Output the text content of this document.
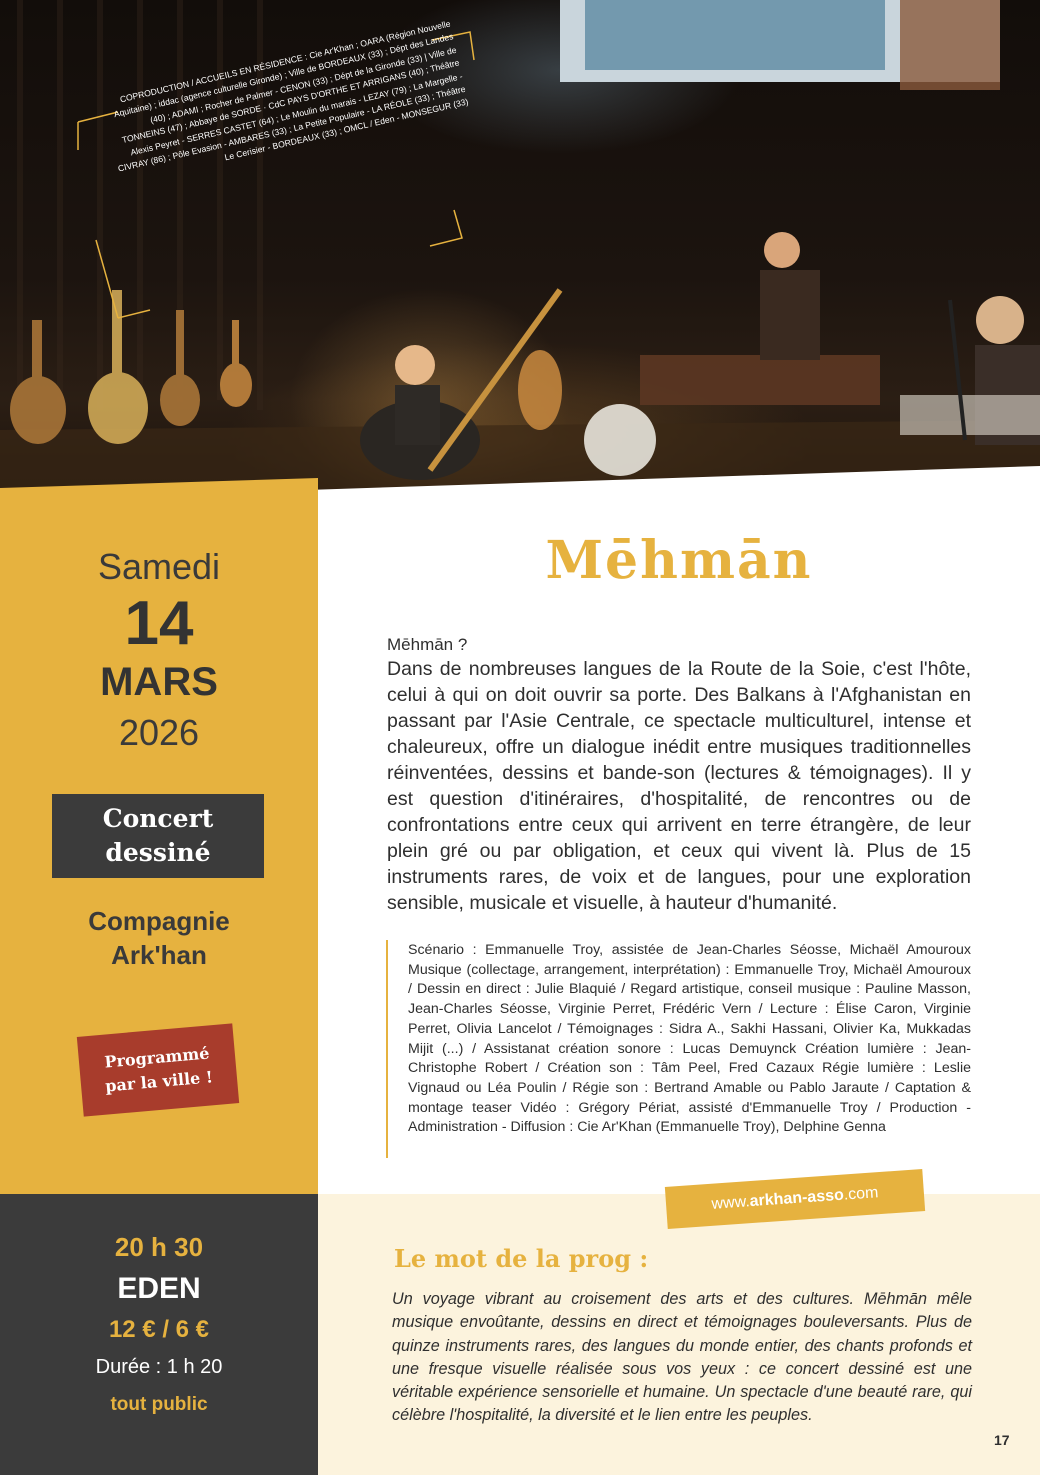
COPRODUCTION / ACCUEILS EN RÉSIDENCE : Cie Ar'Khan ; OARA (Région Nouvelle Aquitaine) ; iddac (agence culturelle Gironde) ; Ville de BORDEAUX (33) ; Dépt des Landes (40) ; ADAMI ; Rocher de Palmer - CENON (33) ; Dépt de la Gironde (33) | Ville de TONNEINS (47) ; Abbaye de SORDE · CdC PAYS D'ORTHE ET ARRIGANS (40) ; Théâtre Alexis Peyret - SERRES CASTET (64) ; Le Moulin du marais - LEZAY (79) ; La Margelle - CIVRAY (86) ; Pôle Evasion - AMBARES (33) ; La Petite Populaire - LA RÉOLE (33) ; Théâtre Le Cerisier - BORDEAUX (33) ; OMCL / Eden - MONSEGUR (33)
Samedi
14
MARS
2026
Concert
dessiné
Compagnie
Ark'han
Programmé
par la ville !
20 h 30
EDEN
12 € / 6 €
Durée : 1 h 20
tout public
Mēhmān
Mēhmān ?

Dans de nombreuses langues de la Route de la Soie, c'est l'hôte, celui à qui on doit ouvrir sa porte. Des Balkans à l'Afghanistan en passant par l'Asie Centrale, ce spectacle multiculturel, intense et chaleureux, offre un dialogue inédit entre musiques traditionnelles réinventées, dessins et bande-son (lectures & témoignages). Il y est question d'itinéraires, d'hospitalité, de rencontres ou de confrontations entre ceux qui arrivent en terre étrangère, de leur plein gré ou par obligation, et ceux qui vivent là. Plus de 15 instruments rares, de voix et de langues, pour une exploration sensible, musicale et visuelle, à hauteur d'humanité.

Scénario : Emmanuelle Troy, assistée de Jean-Charles Séosse, Michaël Amouroux Musique (collectage, arrangement, interprétation) : Emmanuelle Troy, Michaël Amouroux / Dessin en direct : Julie Blaquié / Regard artistique, conseil musique : Pauline Masson, Jean-Charles Séosse, Virginie Perret, Frédéric Vern / Lecture : Élise Caron, Virginie Perret, Olivia Lancelot / Témoignages : Sidra A., Sakhi Hassani, Olivier Ka, Mukkadas Mijit (...) / Assistanat création sonore : Lucas Demuynck Création lumière : Jean-Christophe Robert / Création son : Tâm Peel, Fred Cazaux Régie lumière : Leslie Vignaud ou Léa Poulin / Régie son : Bertrand Amable ou Pablo Jaraute / Captation & montage teaser Vidéo : Grégory Périat, assisté d'Emmanuelle Troy / Production - Administration - Diffusion : Cie Ar'Khan (Emmanuelle Troy), Delphine Genna

www.arkhan-asso.com
Le mot de la prog :

Un voyage vibrant au croisement des arts et des cultures. Mēhmān mêle musique envoûtante, dessins en direct et témoignages bouleversants. Plus de quinze instruments rares, des langues du monde entier, des chants profonds et une fresque visuelle réalisée sous vos yeux : ce concert dessiné est une véritable expérience sensorielle et humaine. Un spectacle d'une beauté rare, qui célèbre l'hospitalité, la diversité et le lien entre les peuples.

17
